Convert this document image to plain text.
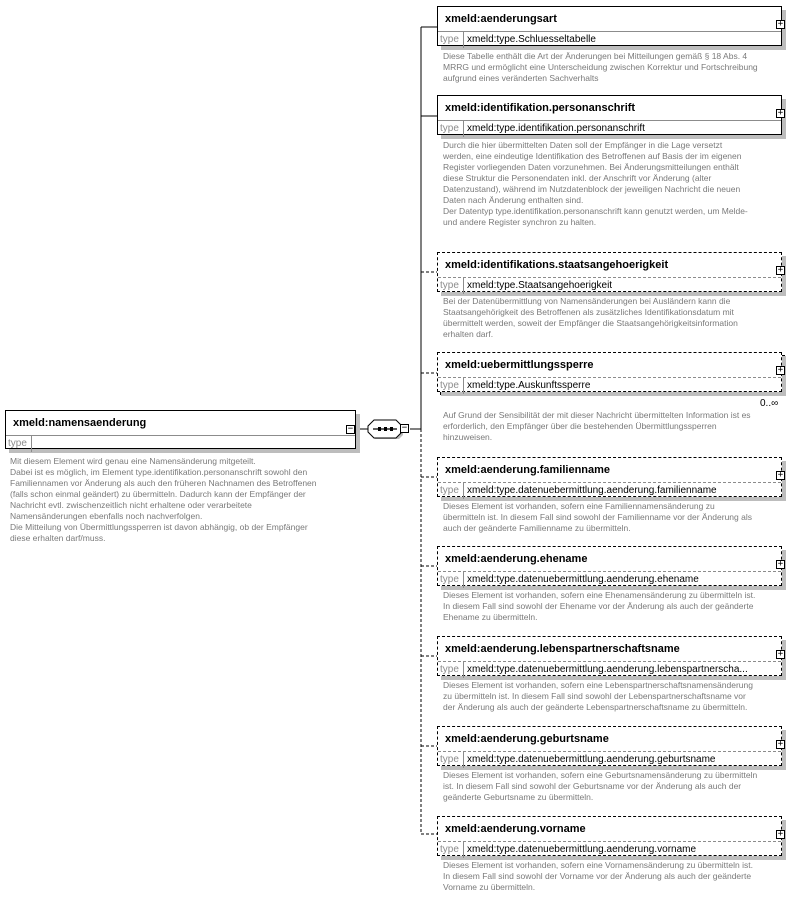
−
xmeld:namensaenderung
type
−
Mit diesem Element wird genau eine Namensänderung mitgeteilt.
Dabei ist es möglich, im Element type.identifikation.personanschrift sowohl den
Familiennamen vor Änderung als auch den früheren Nachnamen des Betroffenen
(falls schon einmal geändert) zu übermitteln. Dadurch kann der Empfänger der
Nachricht evtl. zwischenzeitlich nicht erhaltene oder verarbeitete
Namensänderungen ebenfalls noch nachverfolgen.
Die Mitteilung von Übermittlungssperren ist davon abhängig, ob der Empfänger
diese erhalten darf/muss.
xmeld:aenderungsart
type xmeld:type.Schluesseltabelle
+
Diese Tabelle enthält die Art der Änderungen bei Mitteilungen gemäß § 18 Abs. 4
MRRG und ermöglicht eine Unterscheidung zwischen Korrektur und Fortschreibung
aufgrund eines veränderten Sachverhalts
xmeld:identifikation.personanschrift
type xmeld:type.identifikation.personanschrift
+
Durch die hier übermittelten Daten soll der Empfänger in die Lage versetzt
werden, eine eindeutige Identifikation des Betroffenen auf Basis der im eigenen
Register vorliegenden Daten vorzunehmen. Bei Änderungsmitteilungen enthält
diese Struktur die Personendaten inkl. der Anschrift vor Änderung (alter
Datenzustand), während im Nutzdatenblock der jeweiligen Nachricht die neuen
Daten nach Änderung enthalten sind.
Der Datentyp type.identifikation.personanschrift kann genutzt werden, um Melde-
und andere Register synchron zu halten.
xmeld:identifikations.staatsangehoerigkeit
type xmeld:type.Staatsangehoerigkeit
+
Bei der Datenübermittlung von Namensänderungen bei Ausländern kann die
Staatsangehörigkeit des Betroffenen als zusätzliches Identifikationsdatum mit
übermittelt werden, soweit der Empfänger die Staatsangehörigkeitsinformation
erhalten darf.
xmeld:uebermittlungssperre
type xmeld:type.Auskunftssperre
+
0..∞
Auf Grund der Sensibilität der mit dieser Nachricht übermittelten Information ist es
erforderlich, den Empfänger über die bestehenden Übermittlungssperren
hinzuweisen.
xmeld:aenderung.familienname
type xmeld:type.datenuebermittlung.aenderung.familienname
+
Dieses Element ist vorhanden, sofern eine Familiennamensänderung zu
übermitteln ist. In diesem Fall sind sowohl der Familienname vor der Änderung als
auch der geänderte Familienname zu übermitteln.
xmeld:aenderung.ehename
type xmeld:type.datenuebermittlung.aenderung.ehename
+
Dieses Element ist vorhanden, sofern eine Ehenamensänderung zu übermitteln ist.
In diesem Fall sind sowohl der Ehename vor der Änderung als auch der geänderte
Ehename zu übermitteln.
xmeld:aenderung.lebenspartnerschaftsname
type xmeld:type.datenuebermittlung.aenderung.lebenspartnerscha...
+
Dieses Element ist vorhanden, sofern eine Lebenspartnerschaftsnamensänderung
zu übermitteln ist. In diesem Fall sind sowohl der Lebenspartnerschaftsname vor
der Änderung als auch der geänderte Lebenspartnerschaftsname zu übermitteln.
xmeld:aenderung.geburtsname
type xmeld:type.datenuebermittlung.aenderung.geburtsname
+
Dieses Element ist vorhanden, sofern eine Geburtsnamensänderung zu übermitteln
ist. In diesem Fall sind sowohl der Geburtsname vor der Änderung als auch der
geänderte Geburtsname zu übermitteln.
xmeld:aenderung.vorname
type xmeld:type.datenuebermittlung.aenderung.vorname
+
Dieses Element ist vorhanden, sofern eine Vornamensänderung zu übermitteln ist.
In diesem Fall sind sowohl der Vorname vor der Änderung als auch der geänderte
Vorname zu übermitteln.
